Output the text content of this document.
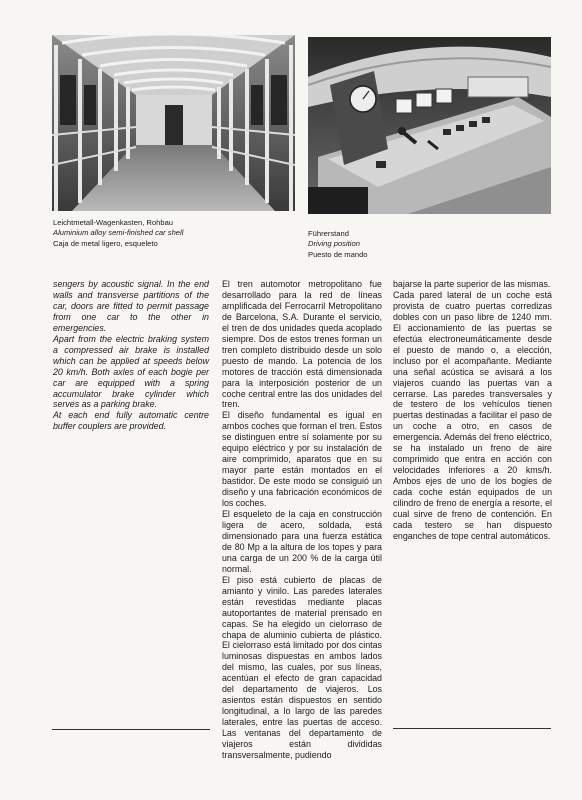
Leichtmetall-Wagenkasten, Rohbau
Aluminium alloy semi-finished car shell
Caja de metal ligero, esqueleto
Führerstand
Driving position
Puesto de mando

sengers by acoustic signal. In the end walls and transverse partitions of the car, doors are fitted to permit passage from one car to the other in emergencies.

Apart from the electric braking system a compressed air brake is installed which can be applied at speeds below 20 km/h. Both axles of each bogie per car are equipped with a spring accumulator brake cylinder which serves as a parking brake.

At each end fully automatic centre buffer couplers are provided.

El tren automotor metropolitano fue desarrollado para la red de líneas amplificada del Ferrocarril Metropolitano de Barcelona, S.A. Durante el servicio, el tren de dos unidades queda acoplado siempre. Dos de estos trenes forman un tren completo distribuido desde un solo puesto de mando. La potencia de los motores de tracción está dimensionada para la interposición posterior de un coche central entre las dos unidades del tren.

El diseño fundamental es igual en ambos coches que forman el tren. Estos se distinguen entre sí solamente por su equipo eléctrico y por su instalación de aire comprimido, aparatos que en su mayor parte están montados en el bastidor. De este modo se consiguió un diseño y una fabricación económicos de los coches.

El esqueleto de la caja en construcción ligera de acero, soldada, está dimensionado para una fuerza estática de 80 Mp a la altura de los topes y para una carga de un 200 % de la carga útil normal.

El piso está cubierto de placas de amianto y vinilo. Las paredes laterales están revestidas mediante placas autoportantes de material prensado en capas. Se ha elegido un cielorraso de chapa de aluminio cubierta de plástico. El cielorraso está limitado por dos cintas luminosas dispuestas en ambos lados del mismo, las cuales, por sus líneas, acentúan el efecto de gran capacidad del departamento de viajeros. Los asientos están dispuestos en sentido longitudinal, a lo largo de las paredes laterales, entre las puertas de acceso. Las ventanas del departamento de viajeros están divididas transversalmente, pudiendo

bajarse la parte superior de las mismas.

Cada pared lateral de un coche está provista de cuatro puertas corredizas dobles con un paso libre de 1240 mm. El accionamiento de las puertas se efectúa electroneumáticamente desde el puesto de mando o, a elección, incluso por el acompañante. Mediante una señal acústica se avisará a los viajeros cuando las puertas van a cerrarse. Las paredes transversales y de testero de los vehículos tienen puertas destinadas a facilitar el paso de un coche a otro, en casos de emergencia. Además del freno eléctrico, se ha instalado un freno de aire comprimido que entra en acción con velocidades inferiores a 20 kms/h. Ambos ejes de uno de los bogies de cada coche están equipados de un cilindro de freno de energía a resorte, el cual sirve de freno de contención. En cada testero se han dispuesto enganches de tope central automáticos.
